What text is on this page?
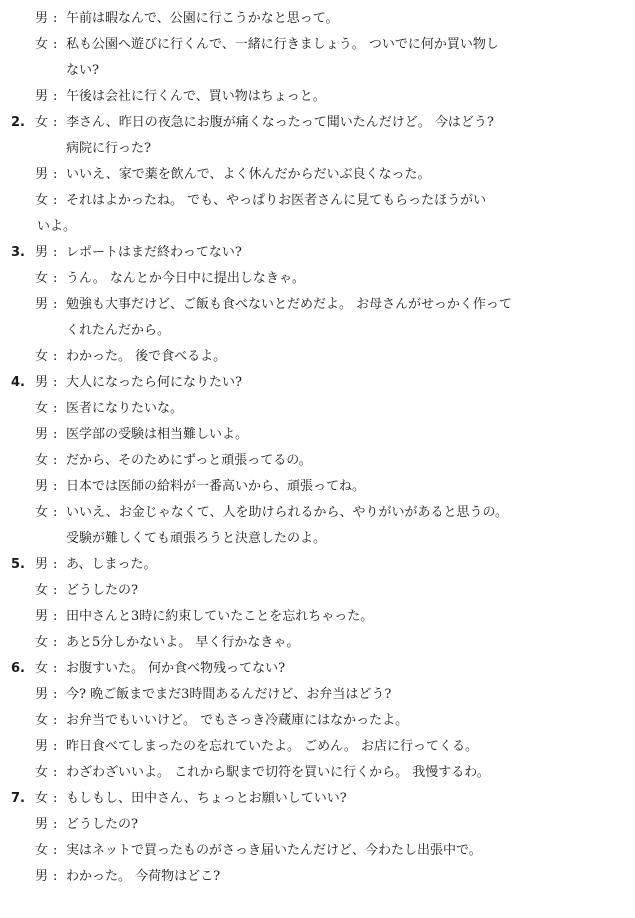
男 : 午前は暇なんで、公園に行こうかなと思って。
女 : 私も公園へ遊びに行くんで、一緒に行きましょう。 ついでに何か買い物し
ない?
男 : 午後は会社に行くんで、買い物はちょっと。
2. 女 : 李さん、昨日の夜急にお腹が痛くなったって聞いたんだけど。 今はどう?
病院に行った?
男 : いいえ、家で薬を飲んで、よく休んだからだいぶ良くなった。
女 : それはよかったね。 でも、やっぱりお医者さんに見てもらったほうがい
いよ。
3. 男 : レポートはまだ終わってない?
女 : うん。 なんとか今日中に提出しなきゃ。
男 : 勉強も大事だけど、ご飯も食べないとだめだよ。 お母さんがせっかく作って
くれたんだから。
女 : わかった。 後で食べるよ。
4. 男 : 大人になったら何になりたい?
女 : 医者になりたいな。
男 : 医学部の受験は相当難しいよ。
女 : だから、そのためにずっと頑張ってるの。
男 : 日本では医師の給料が一番高いから、頑張ってね。
女 : いいえ、お金じゃなくて、人を助けられるから、やりがいがあると思うの。
受験が難しくても頑張ろうと決意したのよ。
5. 男 : あ、しまった。
女 : どうしたの?
男 : 田中さんと3時に約束していたことを忘れちゃった。
女 : あと5分しかないよ。 早く行かなきゃ。
6. 女 : お腹すいた。 何か食べ物残ってない?
男 : 今? 晩ご飯までまだ3時間あるんだけど、お弁当はどう?
女 : お弁当でもいいけど。 でもさっき冷蔵庫にはなかったよ。
男 : 昨日食べてしまったのを忘れていたよ。 ごめん。 お店に行ってくる。
女 : わざわざいいよ。 これから駅まで切符を買いに行くから。 我慢するわ。
7. 女 : もしもし、田中さん、ちょっとお願いしていい?
男 : どうしたの?
女 : 実はネットで買ったものがさっき届いたんだけど、今わたし出張中で。
男 : わかった。 今荷物はどこ?
